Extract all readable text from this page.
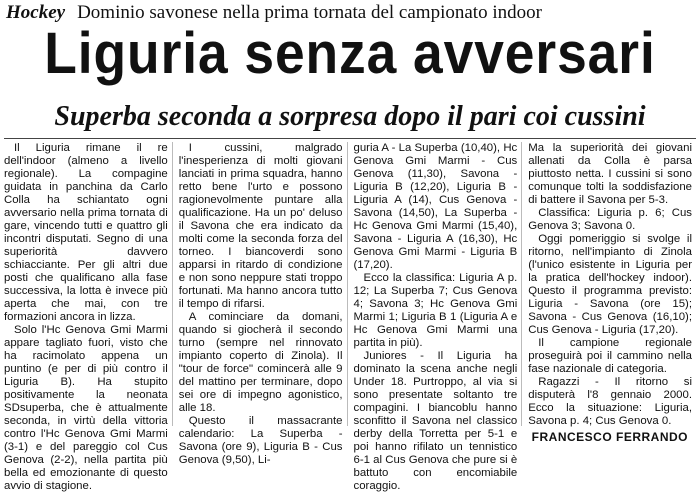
Hockey Dominio savonese nella prima tornata del campionato indoor
Liguria senza avversari
Superba seconda a sorpresa dopo il pari coi cussini

Il Liguria rimane il re dell'indoor (almeno a livello regionale). La compagine guidata in panchina da Carlo Colla ha schiantato ogni avversario nella prima tornata di gare, vincendo tutti e quattro gli incontri disputati. Segno di una superiorità davvero schiacciante. Per gli altri due posti che qualificano alla fase successiva, la lotta è invece più aperta che mai, con tre formazioni ancora in lizza.

Solo l'Hc Genova Gmi Marmi appare tagliato fuori, visto che ha racimolato appena un puntino (e per di più contro il Liguria B). Ha stupito positivamente la neonata SDsuperba, che è attualmente seconda, in virtù della vittoria contro l'Hc Genova Gmi Marmi (3-1) e del pareggio col Cus Genova (2-2), nella partita più bella ed emozionante di questo avvio di stagione.

I cussini, malgrado l'inesperienza di molti giovani lanciati in prima squadra, hanno retto bene l'urto e possono ragionevolmente puntare alla qualificazione. Ha un po' deluso il Savona che era indicato da molti come la seconda forza del torneo. I biancoverdi sono apparsi in ritardo di condizione e non sono neppure stati troppo fortunati. Ma hanno ancora tutto il tempo di rifarsi.

A cominciare da domani, quando si giocherà il secondo turno (sempre nel rinnovato impianto coperto di Zinola). Il "tour de force" comincerà alle 9 del mattino per terminare, dopo sei ore di impegno agonistico, alle 18.

Questo il massacrante calendario: La Superba - Savona (ore 9), Liguria B - Cus Genova (9,50), Li-

guria A - La Superba (10,40), Hc Genova Gmi Marmi - Cus Genova (11,30), Savona - Liguria B (12,20), Liguria B - Liguria A (14), Cus Genova - Savona (14,50), La Superba - Hc Genova Gmi Marmi (15,40), Savona - Liguria A (16,30), Hc Genova Gmi Marmi - Liguria B (17,20).

Ecco la classifica: Liguria A p. 12; La Superba 7; Cus Genova 4; Savona 3; Hc Genova Gmi Marmi 1; Liguria B 1 (Liguria A e Hc Genova Gmi Marmi una partita in più).

Juniores - Il Liguria ha dominato la scena anche negli Under 18. Purtroppo, al via si sono presentate soltanto tre compagini. I biancoblu hanno sconfitto il Savona nel classico derby della Torretta per 5-1 e poi hanno rifilato un tennistico 6-1 al Cus Genova che pure si è battuto con encomiabile coraggio.

Ma la superiorità dei giovani allenati da Colla è parsa piuttosto netta. I cussini si sono comunque tolti la soddisfazione di battere il Savona per 5-3.

Classifica: Liguria p. 6; Cus Genova 3; Savona 0.

Oggi pomeriggio si svolge il ritorno, nell'impianto di Zinola (l'unico esistente in Liguria per la pratica dell'hockey indoor). Questo il programma previsto: Liguria - Savona (ore 15); Savona - Cus Genova (16,10); Cus Genova - Liguria (17,20).

Il campione regionale proseguirà poi il cammino nella fase nazionale di categoria.

Ragazzi - Il ritorno si disputerà l'8 gennaio 2000. Ecco la situazione: Liguria, Savona p. 4; Cus Genova 0.

FRANCESCO FERRANDO
